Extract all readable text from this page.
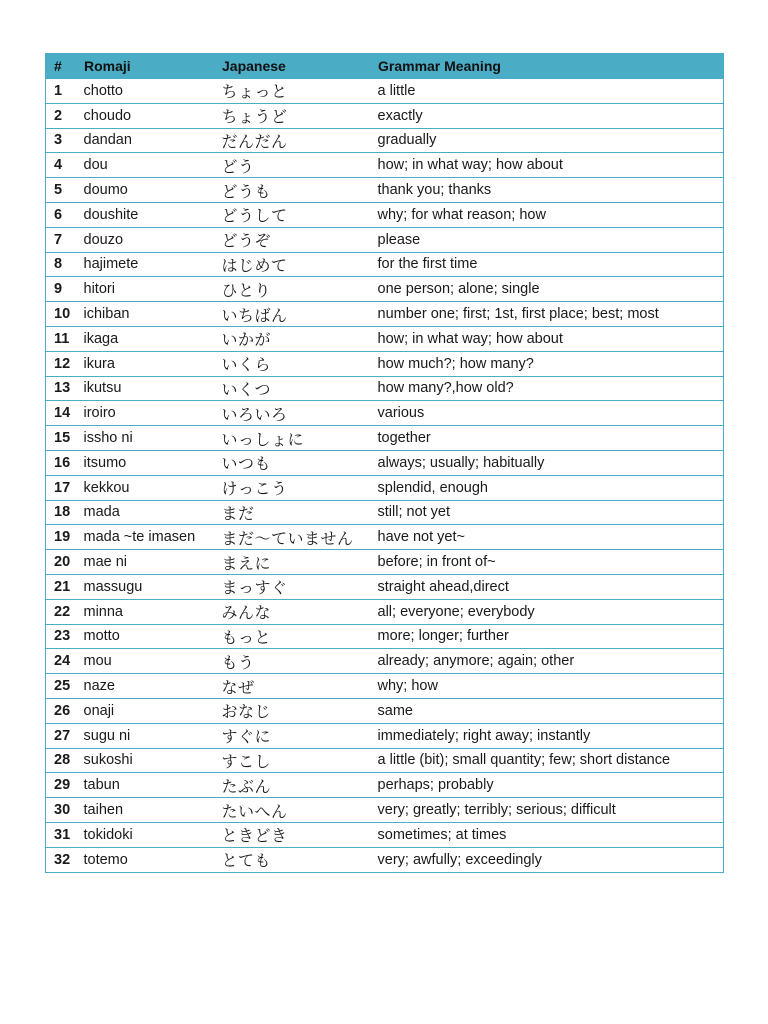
#	Romaji	Japanese	Grammar Meaning
1	chotto	ちょっと	a little
2	choudo	ちょうど	exactly
3	dandan	だんだん	gradually
4	dou	どう	how; in what way; how about
5	doumo	どうも	thank you; thanks
6	doushite	どうして	why; for what reason; how
7	douzo	どうぞ	please
8	hajimete	はじめて	for the first time
9	hitori	ひとり	one person; alone; single
10	ichiban	いちばん	number one; first; 1st, first place; best; most
11	ikaga	いかが	how; in what way; how about
12	ikura	いくら	how much?; how many?
13	ikutsu	いくつ	how many?,how old?
14	iroiro	いろいろ	various
15	issho ni	いっしょに	together
16	itsumo	いつも	always; usually; habitually
17	kekkou	けっこう	splendid, enough
18	mada	まだ	still; not yet
19	mada ~te imasen	まだ～ていません	have not yet~
20	mae ni	まえに	before; in front of~
21	massugu	まっすぐ	straight ahead,direct
22	minna	みんな	all; everyone; everybody
23	motto	もっと	more; longer; further
24	mou	もう	already; anymore; again; other
25	naze	なぜ	why; how
26	onaji	おなじ	same
27	sugu ni	すぐに	immediately; right away; instantly
28	sukoshi	すこし	a little (bit); small quantity; few; short distance
29	tabun	たぶん	perhaps; probably
30	taihen	たいへん	very; greatly; terribly; serious; difficult
31	tokidoki	ときどき	sometimes; at times
32	totemo	とても	very; awfully; exceedingly
